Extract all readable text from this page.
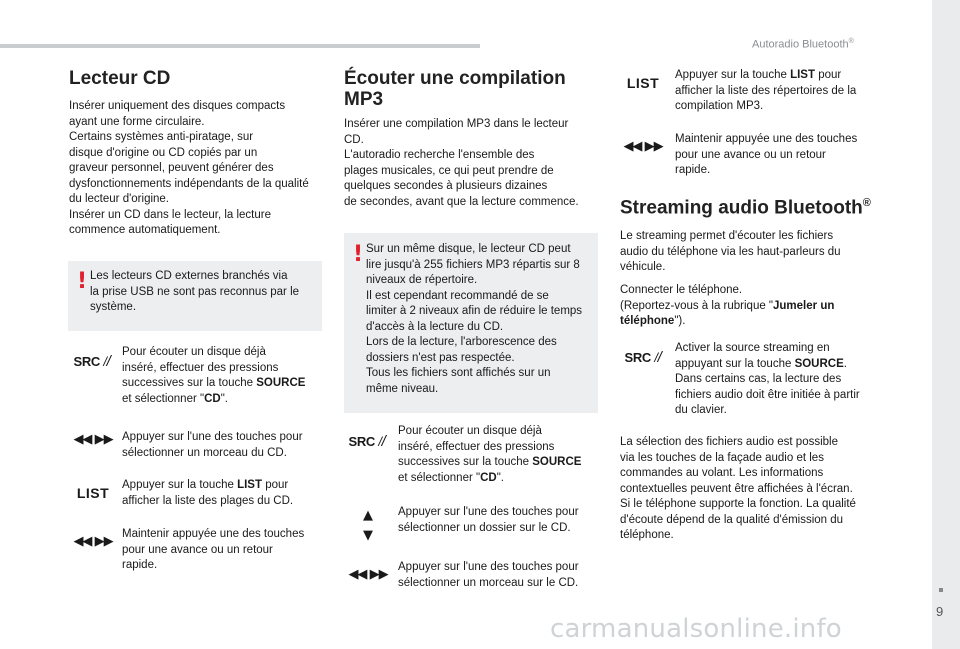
Autoradio Bluetooth®
9
carmanualsonline.info
Lecteur CD

Insérer uniquement des disques compacts
ayant une forme circulaire.
Certains systèmes anti-piratage, sur
disque d'origine ou CD copiés par un
graveur personnel, peuvent générer des
dysfonctionnements indépendants de la qualité
du lecteur d'origine.
Insérer un CD dans le lecteur, la lecture
commence automatiquement.

! Les lecteurs CD externes branchés via
la prise USB ne sont pas reconnus par le
système.

SRC
//

Pour écouter un disque déjà
inséré, effectuer des pressions
successives sur la touche SOURCE
et sélectionner "CD".

◀◀ ▶▶ Appuyer sur l'une des touches pour
sélectionner un morceau du CD.

LIST	Appuyer sur la touche LIST pour
afficher la liste des plages du CD.

◀◀ ▶▶ Maintenir appuyée une des touches
pour une avance ou un retour
rapide.

Écouter une compilation
MP3

Insérer une compilation MP3 dans le lecteur
CD.
L'autoradio recherche l'ensemble des
plages musicales, ce qui peut prendre de
quelques secondes à plusieurs dizaines
de secondes, avant que la lecture commence.

! Sur un même disque, le lecteur CD peut
lire jusqu'à 255 fichiers MP3 répartis sur 8
niveaux de répertoire.
Il est cependant recommandé de se
limiter à 2 niveaux afin de réduire le temps
d'accès à la lecture du CD.
Lors de la lecture, l'arborescence des
dossiers n'est pas respectée.
Tous les fichiers sont affichés sur un
même niveau.

SRC
//

Pour écouter un disque déjà
inséré, effectuer des pressions
successives sur la touche SOURCE
et sélectionner "CD".

▲
▼

Appuyer sur l'une des touches pour
sélectionner un dossier sur le CD.

◀◀ ▶▶ Appuyer sur l'une des touches pour
sélectionner un morceau sur le CD.

LIST	Appuyer sur la touche LIST pour
afficher la liste des répertoires de la
compilation MP3.

◀◀ ▶▶ Maintenir appuyée une des touches
pour une avance ou un retour
rapide.

Streaming audio Bluetooth®

Le streaming permet d'écouter les fichiers
audio du téléphone via les haut-parleurs du
véhicule.

Connecter le téléphone.
(Reportez-vous à la rubrique "Jumeler un
téléphone").

SRC
//

Activer la source streaming en
appuyant sur la touche SOURCE.
Dans certains cas, la lecture des
fichiers audio doit être initiée à partir
du clavier.

La sélection des fichiers audio est possible
via les touches de la façade audio et les
commandes au volant. Les informations
contextuelles peuvent être affichées à l'écran.
Si le téléphone supporte la fonction. La qualité
d'écoute dépend de la qualité d'émission du
téléphone.
